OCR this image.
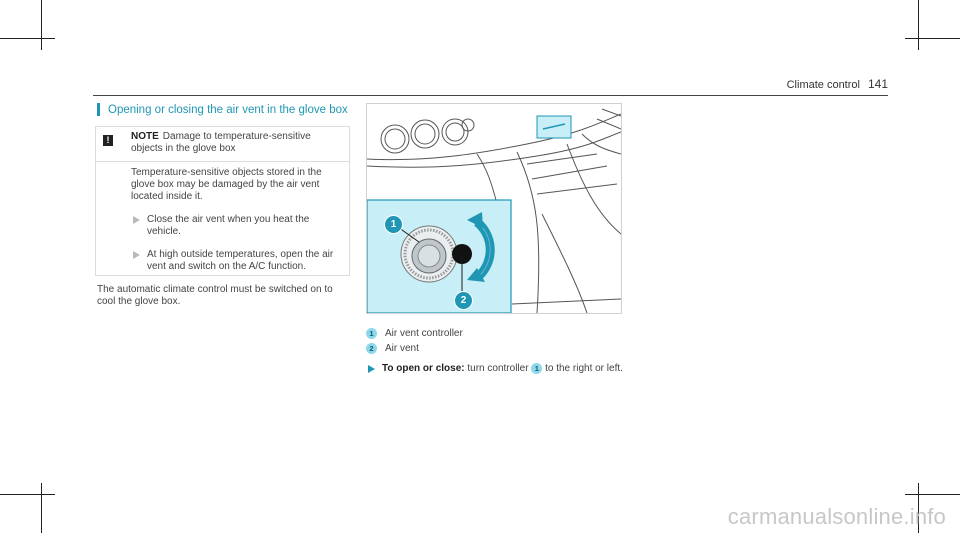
Climate control 141
Opening or closing the air vent in the glove box
!	NOTE Damage to temperature-sensitive objects in the glove box
Temperature-sensitive objects stored in the glove box may be damaged by the air vent located inside it.
Close the air vent when you heat the vehicle.
At high outside temperatures, open the air vent and switch on the A/C function.
The automatic climate control must be switched on to cool the glove box.
1
2
1	Air vent controller
2	Air vent
To open or close: turn controller 1 to the right or left.
carmanualsonline.info
